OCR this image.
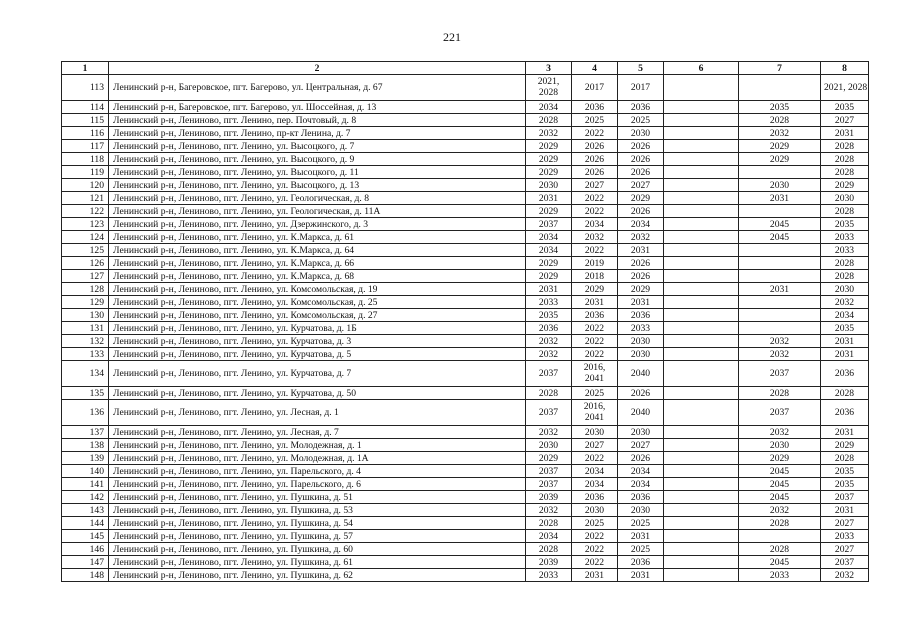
221
1	2	3	4	5	6	7	8
113	Ленинский р-н, Багеровское, пгт. Багерово, ул. Центральная, д. 67	2021, 2028	2017	2017			2021, 2028
114	Ленинский р-н, Багеровское, пгт. Багерово, ул. Шоссейная, д. 13	2034	2036	2036		2035	2035
115	Ленинский р-н, Лениново, пгт. Ленино, пер. Почтовый, д. 8	2028	2025	2025		2028	2027
116	Ленинский р-н, Лениново, пгт. Ленино, пр-кт Ленина, д. 7	2032	2022	2030		2032	2031
117	Ленинский р-н, Лениново, пгт. Ленино, ул. Высоцкого, д. 7	2029	2026	2026		2029	2028
118	Ленинский р-н, Лениново, пгт. Ленино, ул. Высоцкого, д. 9	2029	2026	2026		2029	2028
119	Ленинский р-н, Лениново, пгт. Ленино, ул. Высоцкого, д. 11	2029	2026	2026			2028
120	Ленинский р-н, Лениново, пгт. Ленино, ул. Высоцкого, д. 13	2030	2027	2027		2030	2029
121	Ленинский р-н, Лениново, пгт. Ленино, ул. Геологическая, д. 8	2031	2022	2029		2031	2030
122	Ленинский р-н, Лениново, пгт. Ленино, ул. Геологическая, д. 11А	2029	2022	2026			2028
123	Ленинский р-н, Лениново, пгт. Ленино, ул. Дзержинского, д. 3	2037	2034	2034		2045	2035
124	Ленинский р-н, Лениново, пгт. Ленино, ул. К.Маркса, д. 61	2034	2032	2032		2045	2033
125	Ленинский р-н, Лениново, пгт. Ленино, ул. К.Маркса, д. 64	2034	2022	2031			2033
126	Ленинский р-н, Лениново, пгт. Ленино, ул. К.Маркса, д. 66	2029	2019	2026			2028
127	Ленинский р-н, Лениново, пгт. Ленино, ул. К.Маркса, д. 68	2029	2018	2026			2028
128	Ленинский р-н, Лениново, пгт. Ленино, ул. Комсомольская, д. 19	2031	2029	2029		2031	2030
129	Ленинский р-н, Лениново, пгт. Ленино, ул. Комсомольская, д. 25	2033	2031	2031			2032
130	Ленинский р-н, Лениново, пгт. Ленино, ул. Комсомольская, д. 27	2035	2036	2036			2034
131	Ленинский р-н, Лениново, пгт. Ленино, ул. Курчатова, д. 1Б	2036	2022	2033			2035
132	Ленинский р-н, Лениново, пгт. Ленино, ул. Курчатова, д. 3	2032	2022	2030		2032	2031
133	Ленинский р-н, Лениново, пгт. Ленино, ул. Курчатова, д. 5	2032	2022	2030		2032	2031
134	Ленинский р-н, Лениново, пгт. Ленино, ул. Курчатова, д. 7	2037	2016, 2041	2040		2037	2036
135	Ленинский р-н, Лениново, пгт. Ленино, ул. Курчатова, д. 50	2028	2025	2026		2028	2028
136	Ленинский р-н, Лениново, пгт. Ленино, ул. Лесная, д. 1	2037	2016, 2041	2040		2037	2036
137	Ленинский р-н, Лениново, пгт. Ленино, ул. Лесная, д. 7	2032	2030	2030		2032	2031
138	Ленинский р-н, Лениново, пгт. Ленино, ул. Молодежная, д. 1	2030	2027	2027		2030	2029
139	Ленинский р-н, Лениново, пгт. Ленино, ул. Молодежная, д. 1А	2029	2022	2026		2029	2028
140	Ленинский р-н, Лениново, пгт. Ленино, ул. Парельского, д. 4	2037	2034	2034		2045	2035
141	Ленинский р-н, Лениново, пгт. Ленино, ул. Парельского, д. 6	2037	2034	2034		2045	2035
142	Ленинский р-н, Лениново, пгт. Ленино, ул. Пушкина, д. 51	2039	2036	2036		2045	2037
143	Ленинский р-н, Лениново, пгт. Ленино, ул. Пушкина, д. 53	2032	2030	2030		2032	2031
144	Ленинский р-н, Лениново, пгт. Ленино, ул. Пушкина, д. 54	2028	2025	2025		2028	2027
145	Ленинский р-н, Лениново, пгт. Ленино, ул. Пушкина, д. 57	2034	2022	2031			2033
146	Ленинский р-н, Лениново, пгт. Ленино, ул. Пушкина, д. 60	2028	2022	2025		2028	2027
147	Ленинский р-н, Лениново, пгт. Ленино, ул. Пушкина, д. 61	2039	2022	2036		2045	2037
148	Ленинский р-н, Лениново, пгт. Ленино, ул. Пушкина, д. 62	2033	2031	2031		2033	2032
